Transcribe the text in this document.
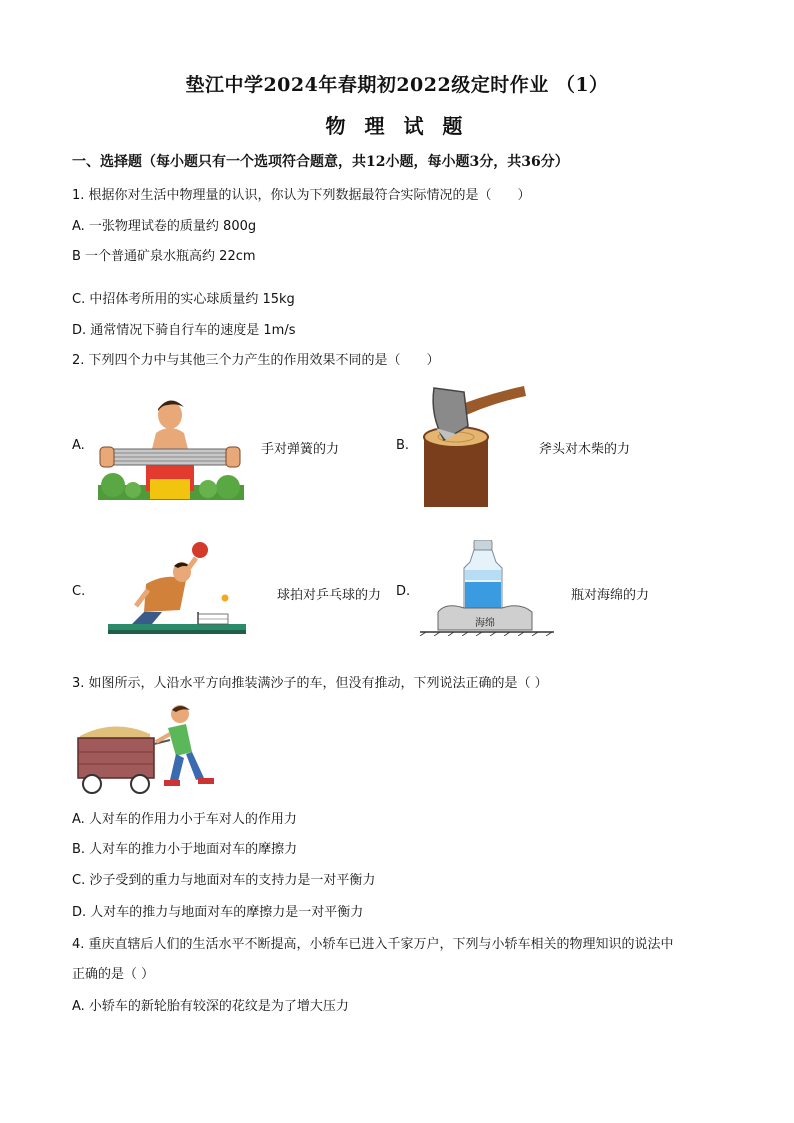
垫江中学2024年春期初2022级定时作业 （1）
物 理 试 题
一、选择题（每小题只有一个选项符合题意，共12小题，每小题3分，共36分）
1. 根据你对生活中物理量的认识，你认为下列数据最符合实际情况的是（　　）
A. 一张物理试卷的质量约 800g
B 一个普通矿泉水瓶高约 22cm
C. 中招体考所用的实心球质量约 15kg
D. 通常情况下骑自行车的速度是 1m/s
2. 下列四个力中与其他三个力产生的作用效果不同的是（　　）
A.	手对弹簧的力	B.	斧头对木柴的力
C.	球拍对乒乓球的力 D.
海绵
瓶对海绵的力
3. 如图所示，人沿水平方向推装满沙子的车，但没有推动，下列说法正确的是（ ）
A. 人对车的作用力小于车对人的作用力
B. 人对车的推力小于地面对车的摩擦力
C. 沙子受到的重力与地面对车的支持力是一对平衡力
D. 人对车的推力与地面对车的摩擦力是一对平衡力
4. 重庆直辖后人们的生活水平不断提高，小轿车已进入千家万户，下列与小轿车相关的物理知识的说法中
正确的是（ ）
A. 小轿车的新轮胎有较深的花纹是为了增大压力
